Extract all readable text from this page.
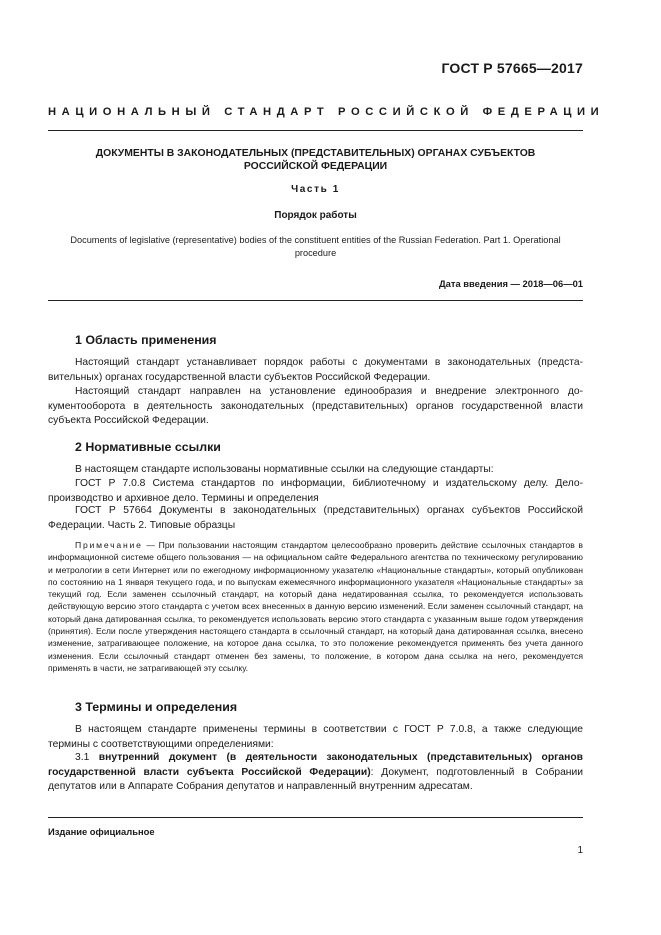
ГОСТ Р 57665—2017
НАЦИОНАЛЬНЫЙ СТАНДАРТ РОССИЙСКОЙ ФЕДЕРАЦИИ
ДОКУМЕНТЫ В ЗАКОНОДАТЕЛЬНЫХ (ПРЕДСТАВИТЕЛЬНЫХ) ОРГАНАХ СУБЪЕКТОВ
РОССИЙСКОЙ ФЕДЕРАЦИИ
Часть 1
Порядок работы
Documents of legislative (representative) bodies of the constituent entities of the Russian Federation. Part 1. Operational
procedure
Дата введения — 2018—06—01
1 Область применения
Настоящий стандарт устанавливает порядок работы с документами в законодательных (представительных) органах государственной власти субъектов Российской Федерации.
Настоящий стандарт направлен на установление единообразия и внедрение электронного документооборота в деятельность законодательных (представительных) органов государственной власти субъекта Российской Федерации.
2 Нормативные ссылки
В настоящем стандарте использованы нормативные ссылки на следующие стандарты:
ГОСТ Р 7.0.8 Система стандартов по информации, библиотечному и издательскому делу. Делопроизводство и архивное дело. Термины и определения
ГОСТ Р 57664 Документы в законодательных (представительных) органах субъектов Российской Федерации. Часть 2. Типовые образцы
Примечание — При пользовании настоящим стандартом целесообразно проверить действие ссылочных стандартов в информационной системе общего пользования — на официальном сайте Федерального агентства по техническому регулированию и метрологии в сети Интернет или по ежегодному информационному указателю «Национальные стандарты», который опубликован по состоянию на 1 января текущего года, и по выпускам ежемесячного информационного указателя «Национальные стандарты» за текущий год. Если заменен ссылочный стандарт, на который дана недатированная ссылка, то рекомендуется использовать действующую версию этого стандарта с учетом всех внесенных в данную версию изменений. Если заменен ссылочный стандарт, на который дана датированная ссылка, то рекомендуется использовать версию этого стандарта с указанным выше годом утверждения (принятия). Если после утверждения настоящего стандарта в ссылочный стандарт, на который дана датированная ссылка, внесено изменение, затрагивающее положение, на которое дана ссылка, то это положение рекомендуется применять без учета данного изменения. Если ссылочный стандарт отменен без замены, то положение, в котором дана ссылка на него, рекомендуется применять в части, не затрагивающей эту ссылку.
3 Термины и определения
В настоящем стандарте применены термины в соответствии с ГОСТ Р 7.0.8, а также следующие термины с соответствующими определениями:
3.1 внутренний документ (в деятельности законодательных (представительных) органов государственной власти субъекта Российской Федерации): Документ, подготовленный в Собрании депутатов или в Аппарате Собрания депутатов и направленный внутренним адресатам.
Издание официальное
1
